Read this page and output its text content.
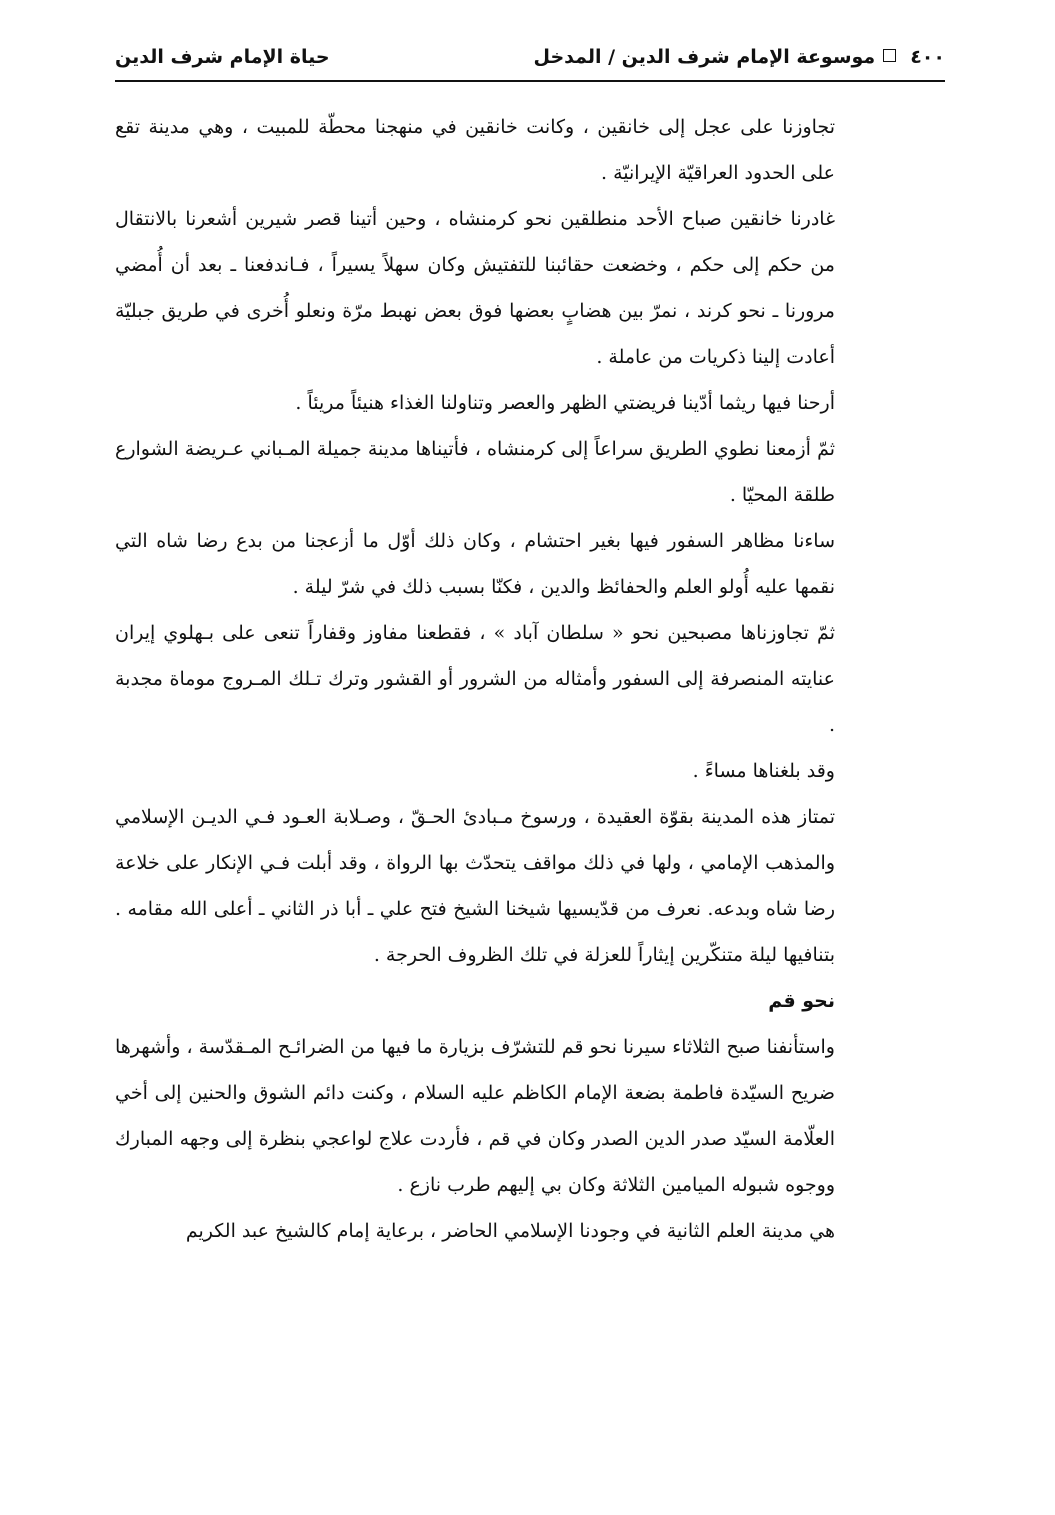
٤٠٠موسوعة الإمام شرف الدين / المدخل
حياة الإمام شرف الدين

تجاوزنا على عجل إلى خانقين ، وكانت خانقين في منهجنا محطّة للمبيت ، وهي مدينة تقع على الحدود العراقيّة الإيرانيّة .

غادرنا خانقين صباح الأحد منطلقين نحو كرمنشاه ، وحين أتينا قصر شيرين أشعرنا بالانتقال من حكم إلى حكم ، وخضعت حقائبنا للتفتيش وكان سهلاً يسيراً ، فـاندفعنا ـ بعد أن أُمضي مرورنا ـ نحو كرند ، نمرّ بين هضابٍ بعضها فوق بعض نهبط مرّة ونعلو أُخرى في طريق جبليّة أعادت إلينا ذكريات من عاملة .

أرحنا فيها ريثما أدّينا فريضتي الظهر والعصر وتناولنا الغذاء هنيئاً مريئاً .

ثمّ أزمعنا نطوي الطريق سراعاً إلى كرمنشاه ، فأتيناها مدينة جميلة المـباني عـريضة الشوارع طلقة المحيّا .

ساءنا مظاهر السفور فيها بغير احتشام ، وكان ذلك أوّل ما أزعجنا من بدع رضا شاه التي نقمها عليه أُولو العلم والحفائظ والدين ، فكنّا بسبب ذلك في شرّ ليلة .

ثمّ تجاوزناها مصبحين نحو « سلطان آباد » ، فقطعنا مفاوز وقفاراً تنعى على بـهلوي إيران عنايته المنصرفة إلى السفور وأمثاله من الشرور أو القشور وترك تـلك المـروج موماة مجدبة .

وقد بلغناها مساءً .

تمتاز هذه المدينة بقوّة العقيدة ، ورسوخ مـبادئ الحـقّ ، وصـلابة العـود فـي الديـن الإسلامي والمذهب الإمامي ، ولها في ذلك مواقف يتحدّث بها الرواة ، وقد أبلت فـي الإنكار على خلاعة رضا شاه وبدعه. نعرف من قدّيسيها شيخنا الشيخ فتح علي ـ أبا ذر الثاني ـ أعلى الله مقامه . بتنافيها ليلة متنكّرين إيثاراً للعزلة في تلك الظروف الحرجة .

نحو قم

واستأنفنا صبح الثلاثاء سيرنا نحو قم للتشرّف بزيارة ما فيها من الضرائـح المـقدّسة ، وأشهرها ضريح السيّدة فاطمة بضعة الإمام الكاظم عليه السلام ، وكنت دائم الشوق والحنين إلى أخي العلّامة السيّد صدر الدين الصدر وكان في قم ، فأردت علاج لواعجي بنظرة إلى وجهه المبارك ووجوه شبوله الميامين الثلاثة وكان بي إليهم طرب نازع .

هي مدينة العلم الثانية في وجودنا الإسلامي الحاضر ، برعاية إمام كالشيخ عبد الكريم
